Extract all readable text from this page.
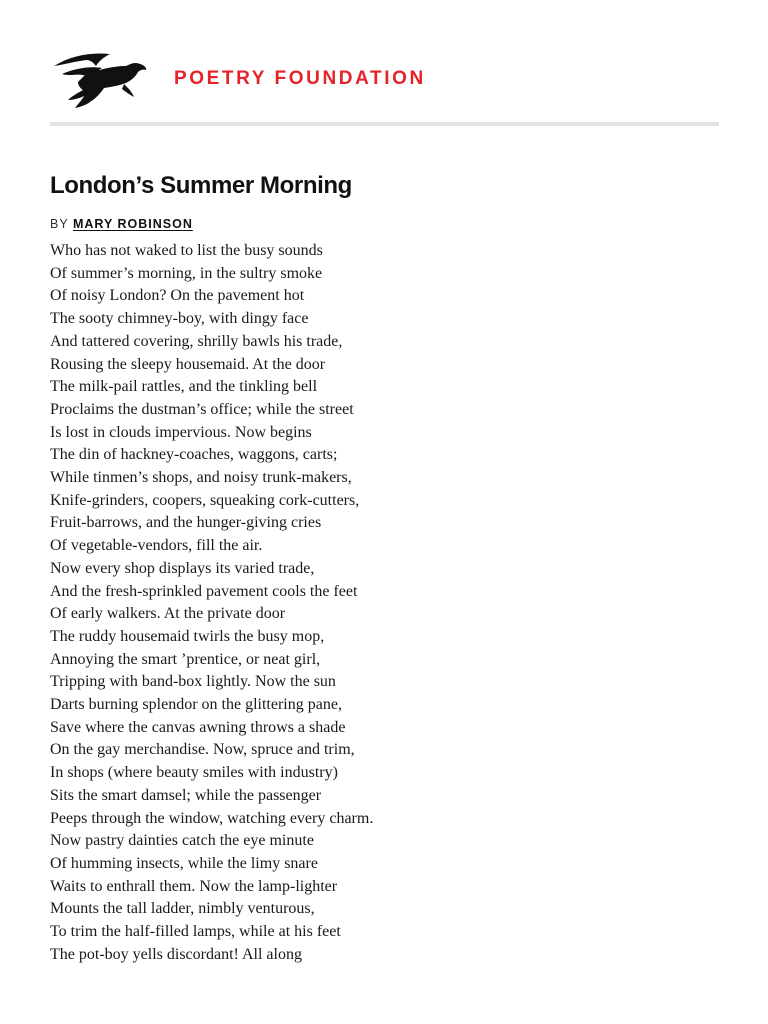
POETRY FOUNDATION
London’s Summer Morning
BY MARY ROBINSON
Who has not waked to list the busy sounds
Of summer’s morning, in the sultry smoke
Of noisy London? On the pavement hot
The sooty chimney-boy, with dingy face
And tattered covering, shrilly bawls his trade,
Rousing the sleepy housemaid. At the door
The milk-pail rattles, and the tinkling bell
Proclaims the dustman’s office; while the street
Is lost in clouds impervious. Now begins
The din of hackney-coaches, waggons, carts;
While tinmen’s shops, and noisy trunk-makers,
Knife-grinders, coopers, squeaking cork-cutters,
Fruit-barrows, and the hunger-giving cries
Of vegetable-vendors, fill the air.
Now every shop displays its varied trade,
And the fresh-sprinkled pavement cools the feet
Of early walkers. At the private door
The ruddy housemaid twirls the busy mop,
Annoying the smart ’prentice, or neat girl,
Tripping with band-box lightly. Now the sun
Darts burning splendor on the glittering pane,
Save where the canvas awning throws a shade
On the gay merchandise. Now, spruce and trim,
In shops (where beauty smiles with industry)
Sits the smart damsel; while the passenger
Peeps through the window, watching every charm.
Now pastry dainties catch the eye minute
Of humming insects, while the limy snare
Waits to enthrall them. Now the lamp-lighter
Mounts the tall ladder, nimbly venturous,
To trim the half-filled lamps, while at his feet
The pot-boy yells discordant! All along
